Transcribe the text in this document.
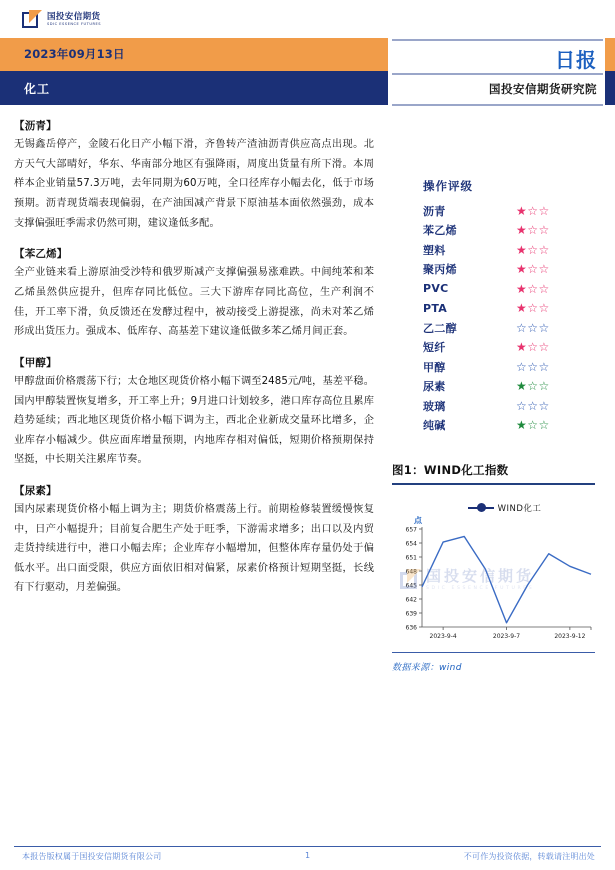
国投安信期货
SDIC ESSENCE FUTURES
2023年09月13日
化工
日报
国投安信期货研究院
【沥青】
无锡鑫岳停产，金陵石化日产小幅下滑，齐鲁转产渣油沥青供应高点出现。北方天气大部晴好，华东、华南部分地区有强降雨，周度出货量有所下滑。本周样本企业销量57.3万吨，去年同期为60万吨，全口径库存小幅去化，低于市场预期。沥青现货端表现偏弱，在产油国减产背景下原油基本面依然强劲，成本支撑偏强旺季需求仍然可期，建议逢低多配。
【苯乙烯】
全产业链来看上游原油受沙特和俄罗斯减产支撑偏强易涨难跌。中间纯苯和苯乙烯虽然供应提升，但库存同比低位。三大下游库存同比高位，生产利润不佳，开工率下滑，负反馈还在发酵过程中，被动接受上游提涨，尚未对苯乙烯形成出货压力。强成本、低库存、高基差下建议逢低做多苯乙烯月间正套。
【甲醇】
甲醇盘面价格震荡下行；太仓地区现货价格小幅下调至2485元/吨，基差平稳。国内甲醇装置恢复增多，开工率上升；9月进口计划较多，港口库存高位且累库趋势延续；西北地区现货价格小幅下调为主，西北企业新成交量环比增多，企业库存小幅减少。供应面库增量预期，内地库存相对偏低，短期价格预期保持坚挺，中长期关注累库节奏。
【尿素】
国内尿素现货价格小幅上调为主；期货价格震荡上行。前期检修装置缓慢恢复中，日产小幅提升；目前复合肥生产处于旺季，下游需求增多；出口以及内贸走货持续进行中，港口小幅去库；企业库存小幅增加，但整体库存量仍处于偏低水平。出口面受限，供应方面依旧相对偏紧，尿素价格预计短期坚挺，长线有下行驱动，月差偏强。
操作评级
沥青	★☆☆
苯乙烯	★☆☆
塑料	★☆☆
聚丙烯	★☆☆
PVC	★☆☆
PTA	★☆☆
乙二醇	☆☆☆
短纤	★☆☆
甲醇	☆☆☆
尿素	★☆☆
玻璃	☆☆☆
纯碱	★☆☆
图1：WIND化工指数
WIND化工
点
国投安信期货
SDIC ESSENCE FUTURES
636
639
642
645
648
651
654
657
2023-9-4	2023-9-7	2023-9-12
数据来源：wind
本报告版权属于国投安信期货有限公司	1	不可作为投资依据，转载请注明出处
